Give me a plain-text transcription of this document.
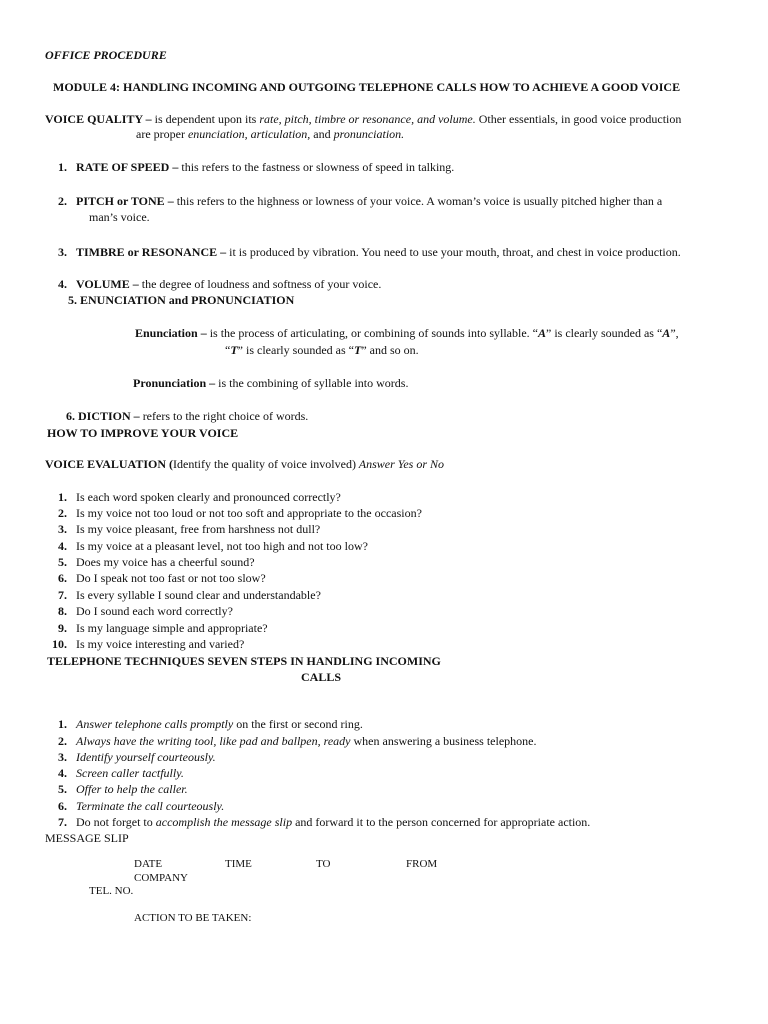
OFFICE PROCEDURE
MODULE 4: HANDLING INCOMING AND OUTGOING TELEPHONE CALLS HOW TO ACHIEVE A GOOD VOICE
VOICE QUALITY – is dependent upon its rate, pitch, timbre or resonance, and volume. Other essentials, in good voice production
are proper enunciation, articulation, and pronunciation.
1. RATE OF SPEED – this refers to the fastness or slowness of speed in talking.
2. PITCH or TONE – this refers to the highness or lowness of your voice. A woman’s voice is usually pitched higher than a
man’s voice.
3. TIMBRE or RESONANCE – it is produced by vibration. You need to use your mouth, throat, and chest in voice production.
4. VOLUME – the degree of loudness and softness of your voice.
5. ENUNCIATION and PRONUNCIATION
Enunciation – is the process of articulating, or combining of sounds into syllable. “A” is clearly sounded as “A”,
“T” is clearly sounded as “T” and so on.
Pronunciation – is the combining of syllable into words.
6. DICTION – refers to the right choice of words.
HOW TO IMPROVE YOUR VOICE
VOICE EVALUATION (Identify the quality of voice involved) Answer Yes or No
1. Is each word spoken clearly and pronounced correctly?
2. Is my voice not too loud or not too soft and appropriate to the occasion?
3. Is my voice pleasant, free from harshness not dull?
4. Is my voice at a pleasant level, not too high and not too low?
5. Does my voice has a cheerful sound?
6. Do I speak not too fast or not too slow?
7. Is every syllable I sound clear and understandable?
8. Do I sound each word correctly?
9. Is my language simple and appropriate?
10. Is my voice interesting and varied?
TELEPHONE TECHNIQUES SEVEN STEPS IN HANDLING INCOMING
CALLS
1. Answer telephone calls promptly on the first or second ring.
2. Always have the writing tool, like pad and ballpen, ready when answering a business telephone.
3. Identify yourself courteously.
4. Screen caller tactfully.
5. Offer to help the caller.
6. Terminate the call courteously.
7. Do not forget to accomplish the message slip and forward it to the person concerned for appropriate action.
MESSAGE SLIP
DATE	TIME	TO	FROM
COMPANY
TEL. NO.
ACTION TO BE TAKEN:
